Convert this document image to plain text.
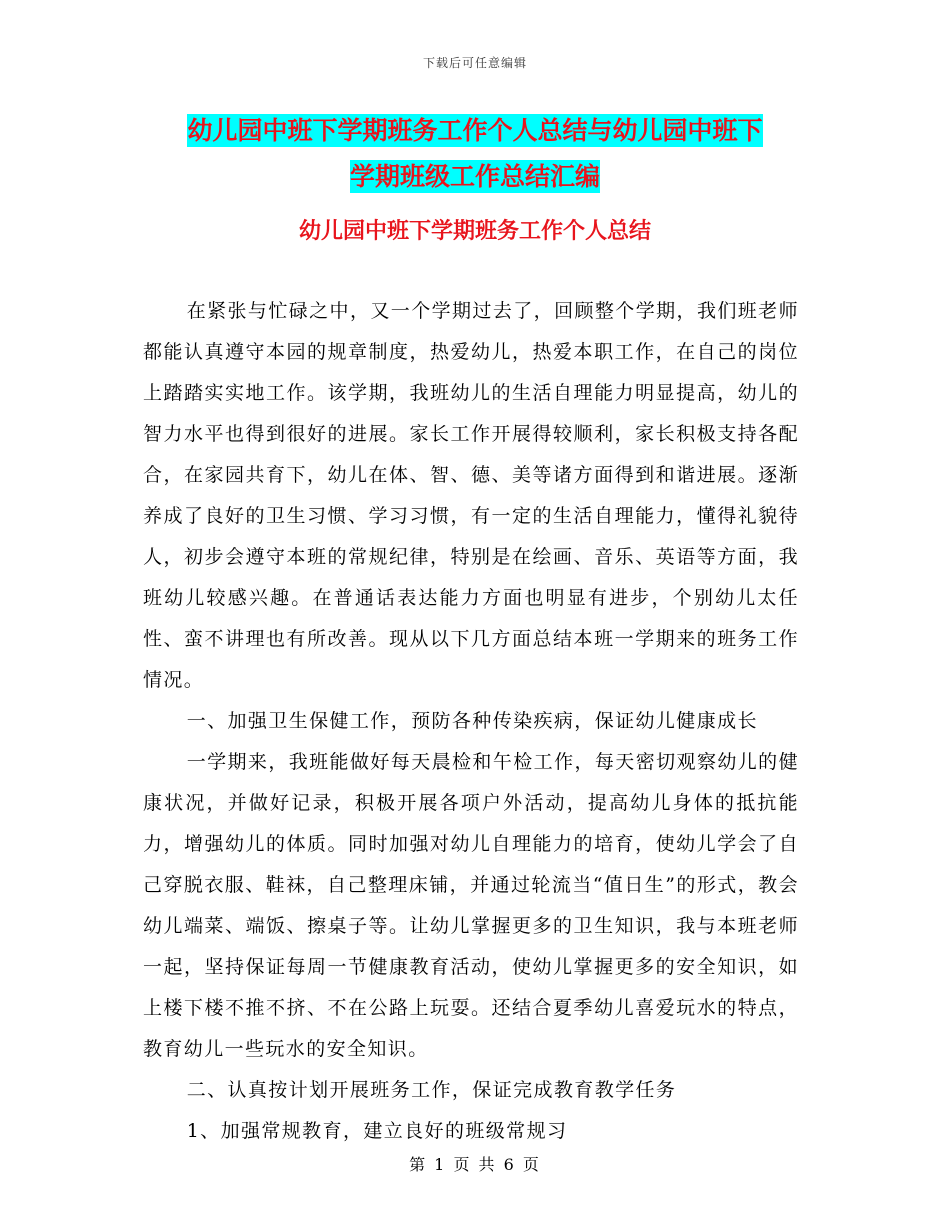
下载后可任意编辑
幼儿园中班下学期班务工作个人总结与幼儿园中班下
学期班级工作总结汇编
幼儿园中班下学期班务工作个人总结

在紧张与忙碌之中，又一个学期过去了，回顾整个学期，我们班老师都能认真遵守本园的规章制度，热爱幼儿，热爱本职工作，在自己的岗位上踏踏实实地工作。该学期，我班幼儿的生活自理能力明显提高，幼儿的智力水平也得到很好的进展。家长工作开展得较顺利，家长积极支持各配合，在家园共育下，幼儿在体、智、德、美等诸方面得到和谐进展。逐渐养成了良好的卫生习惯、学习习惯，有一定的生活自理能力，懂得礼貌待人，初步会遵守本班的常规纪律，特别是在绘画、音乐、英语等方面，我班幼儿较感兴趣。在普通话表达能力方面也明显有进步，个别幼儿太任性、蛮不讲理也有所改善。现从以下几方面总结本班一学期来的班务工作情况。

一、加强卫生保健工作，预防各种传染疾病，保证幼儿健康成长

一学期来，我班能做好每天晨检和午检工作，每天密切观察幼儿的健康状况，并做好记录，积极开展各项户外活动，提高幼儿身体的抵抗能力，增强幼儿的体质。同时加强对幼儿自理能力的培育，使幼儿学会了自己穿脱衣服、鞋袜，自己整理床铺，并通过轮流当“值日生”的形式，教会幼儿端菜、端饭、擦桌子等。让幼儿掌握更多的卫生知识，我与本班老师一起，坚持保证每周一节健康教育活动，使幼儿掌握更多的安全知识，如上楼下楼不推不挤、不在公路上玩耍。还结合夏季幼儿喜爱玩水的特点，教育幼儿一些玩水的安全知识。

二、认真按计划开展班务工作，保证完成教育教学任务

1、加强常规教育，建立良好的班级常规习

第 1 页 共 6 页
